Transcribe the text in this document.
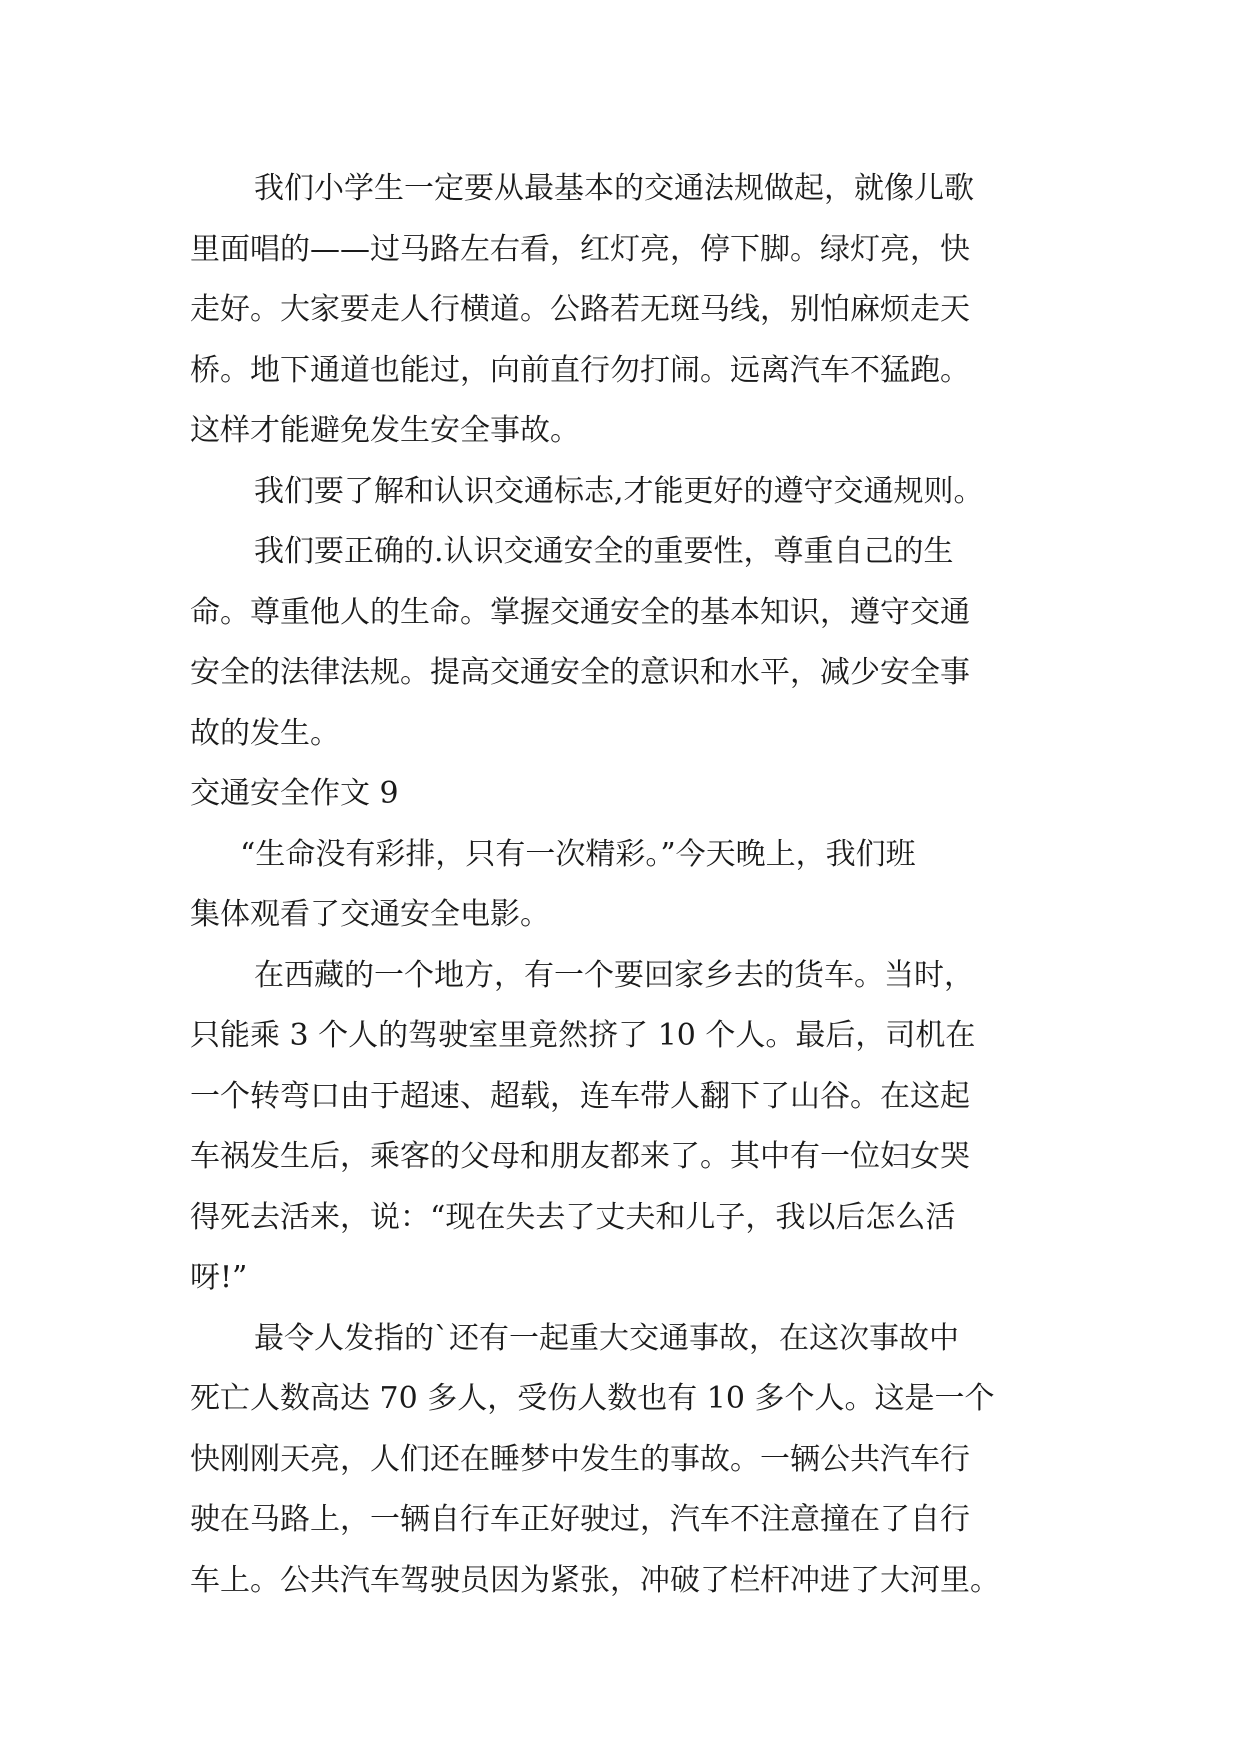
我们小学生一定要从最基本的交通法规做起，就像儿歌
里面唱的——过马路左右看，红灯亮，停下脚。绿灯亮，快
走好。大家要走人行横道。公路若无斑马线，别怕麻烦走天
桥。地下通道也能过，向前直行勿打闹。远离汽车不猛跑。
这样才能避免发生安全事故。
我们要了解和认识交通标志,才能更好的遵守交通规则。
我们要正确的.认识交通安全的重要性，尊重自己的生
命。尊重他人的生命。掌握交通安全的基本知识，遵守交通
安全的法律法规。提高交通安全的意识和水平，减少安全事
故的发生。
交通安全作文 9
“生命没有彩排，只有一次精彩。”今天晚上，我们班
集体观看了交通安全电影。
在西藏的一个地方，有一个要回家乡去的货车。当时，
只能乘 3 个人的驾驶室里竟然挤了 10 个人。最后，司机在
一个转弯口由于超速、超载，连车带人翻下了山谷。在这起
车祸发生后，乘客的父母和朋友都来了。其中有一位妇女哭
得死去活来，说：“现在失去了丈夫和儿子，我以后怎么活
呀!”
最令人发指的`还有一起重大交通事故，在这次事故中
死亡人数高达 70 多人，受伤人数也有 10 多个人。这是一个
快刚刚天亮，人们还在睡梦中发生的事故。一辆公共汽车行
驶在马路上，一辆自行车正好驶过，汽车不注意撞在了自行
车上。公共汽车驾驶员因为紧张，冲破了栏杆冲进了大河里。
